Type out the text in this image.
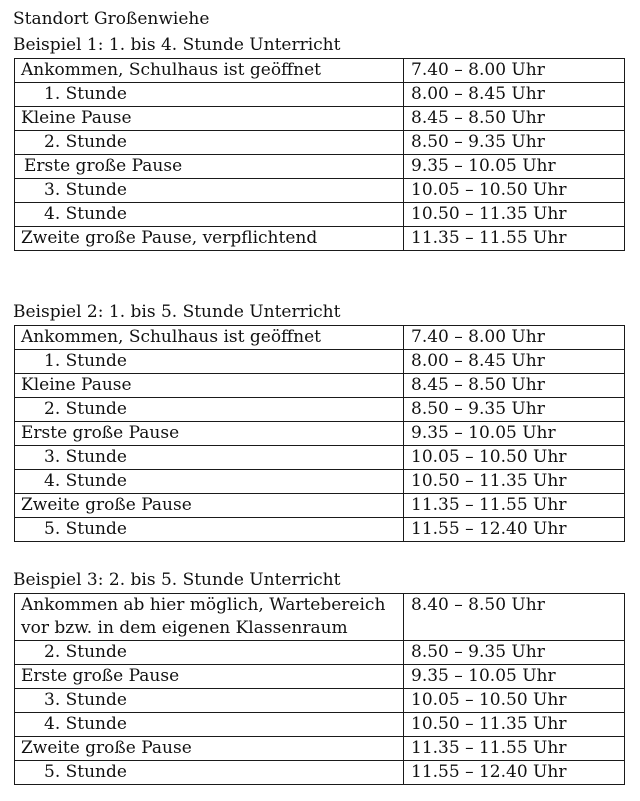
Standort Großenwiehe
Beispiel 1: 1. bis 4. Stunde Unterricht
Ankommen, Schulhaus ist geöffnet	7.40 – 8.00 Uhr
1. Stunde	8.00 – 8.45 Uhr
Kleine Pause	8.45 – 8.50 Uhr
2. Stunde	8.50 – 9.35 Uhr
Erste große Pause	9.35 – 10.05 Uhr
3. Stunde	10.05 – 10.50 Uhr
4. Stunde	10.50 – 11.35 Uhr
Zweite große Pause, verpflichtend	11.35 – 11.55 Uhr
Beispiel 2: 1. bis 5. Stunde Unterricht
Ankommen, Schulhaus ist geöffnet	7.40 – 8.00 Uhr
1. Stunde	8.00 – 8.45 Uhr
Kleine Pause	8.45 – 8.50 Uhr
2. Stunde	8.50 – 9.35 Uhr
Erste große Pause	9.35 – 10.05 Uhr
3. Stunde	10.05 – 10.50 Uhr
4. Stunde	10.50 – 11.35 Uhr
Zweite große Pause	11.35 – 11.55 Uhr
5. Stunde	11.55 – 12.40 Uhr
Beispiel 3: 2. bis 5. Stunde Unterricht
Ankommen ab hier möglich, Wartebereich vor bzw. in dem eigenen Klassenraum	8.40 – 8.50 Uhr
2. Stunde	8.50 – 9.35 Uhr
Erste große Pause	9.35 – 10.05 Uhr
3. Stunde	10.05 – 10.50 Uhr
4. Stunde	10.50 – 11.35 Uhr
Zweite große Pause	11.35 – 11.55 Uhr
5. Stunde	11.55 – 12.40 Uhr
